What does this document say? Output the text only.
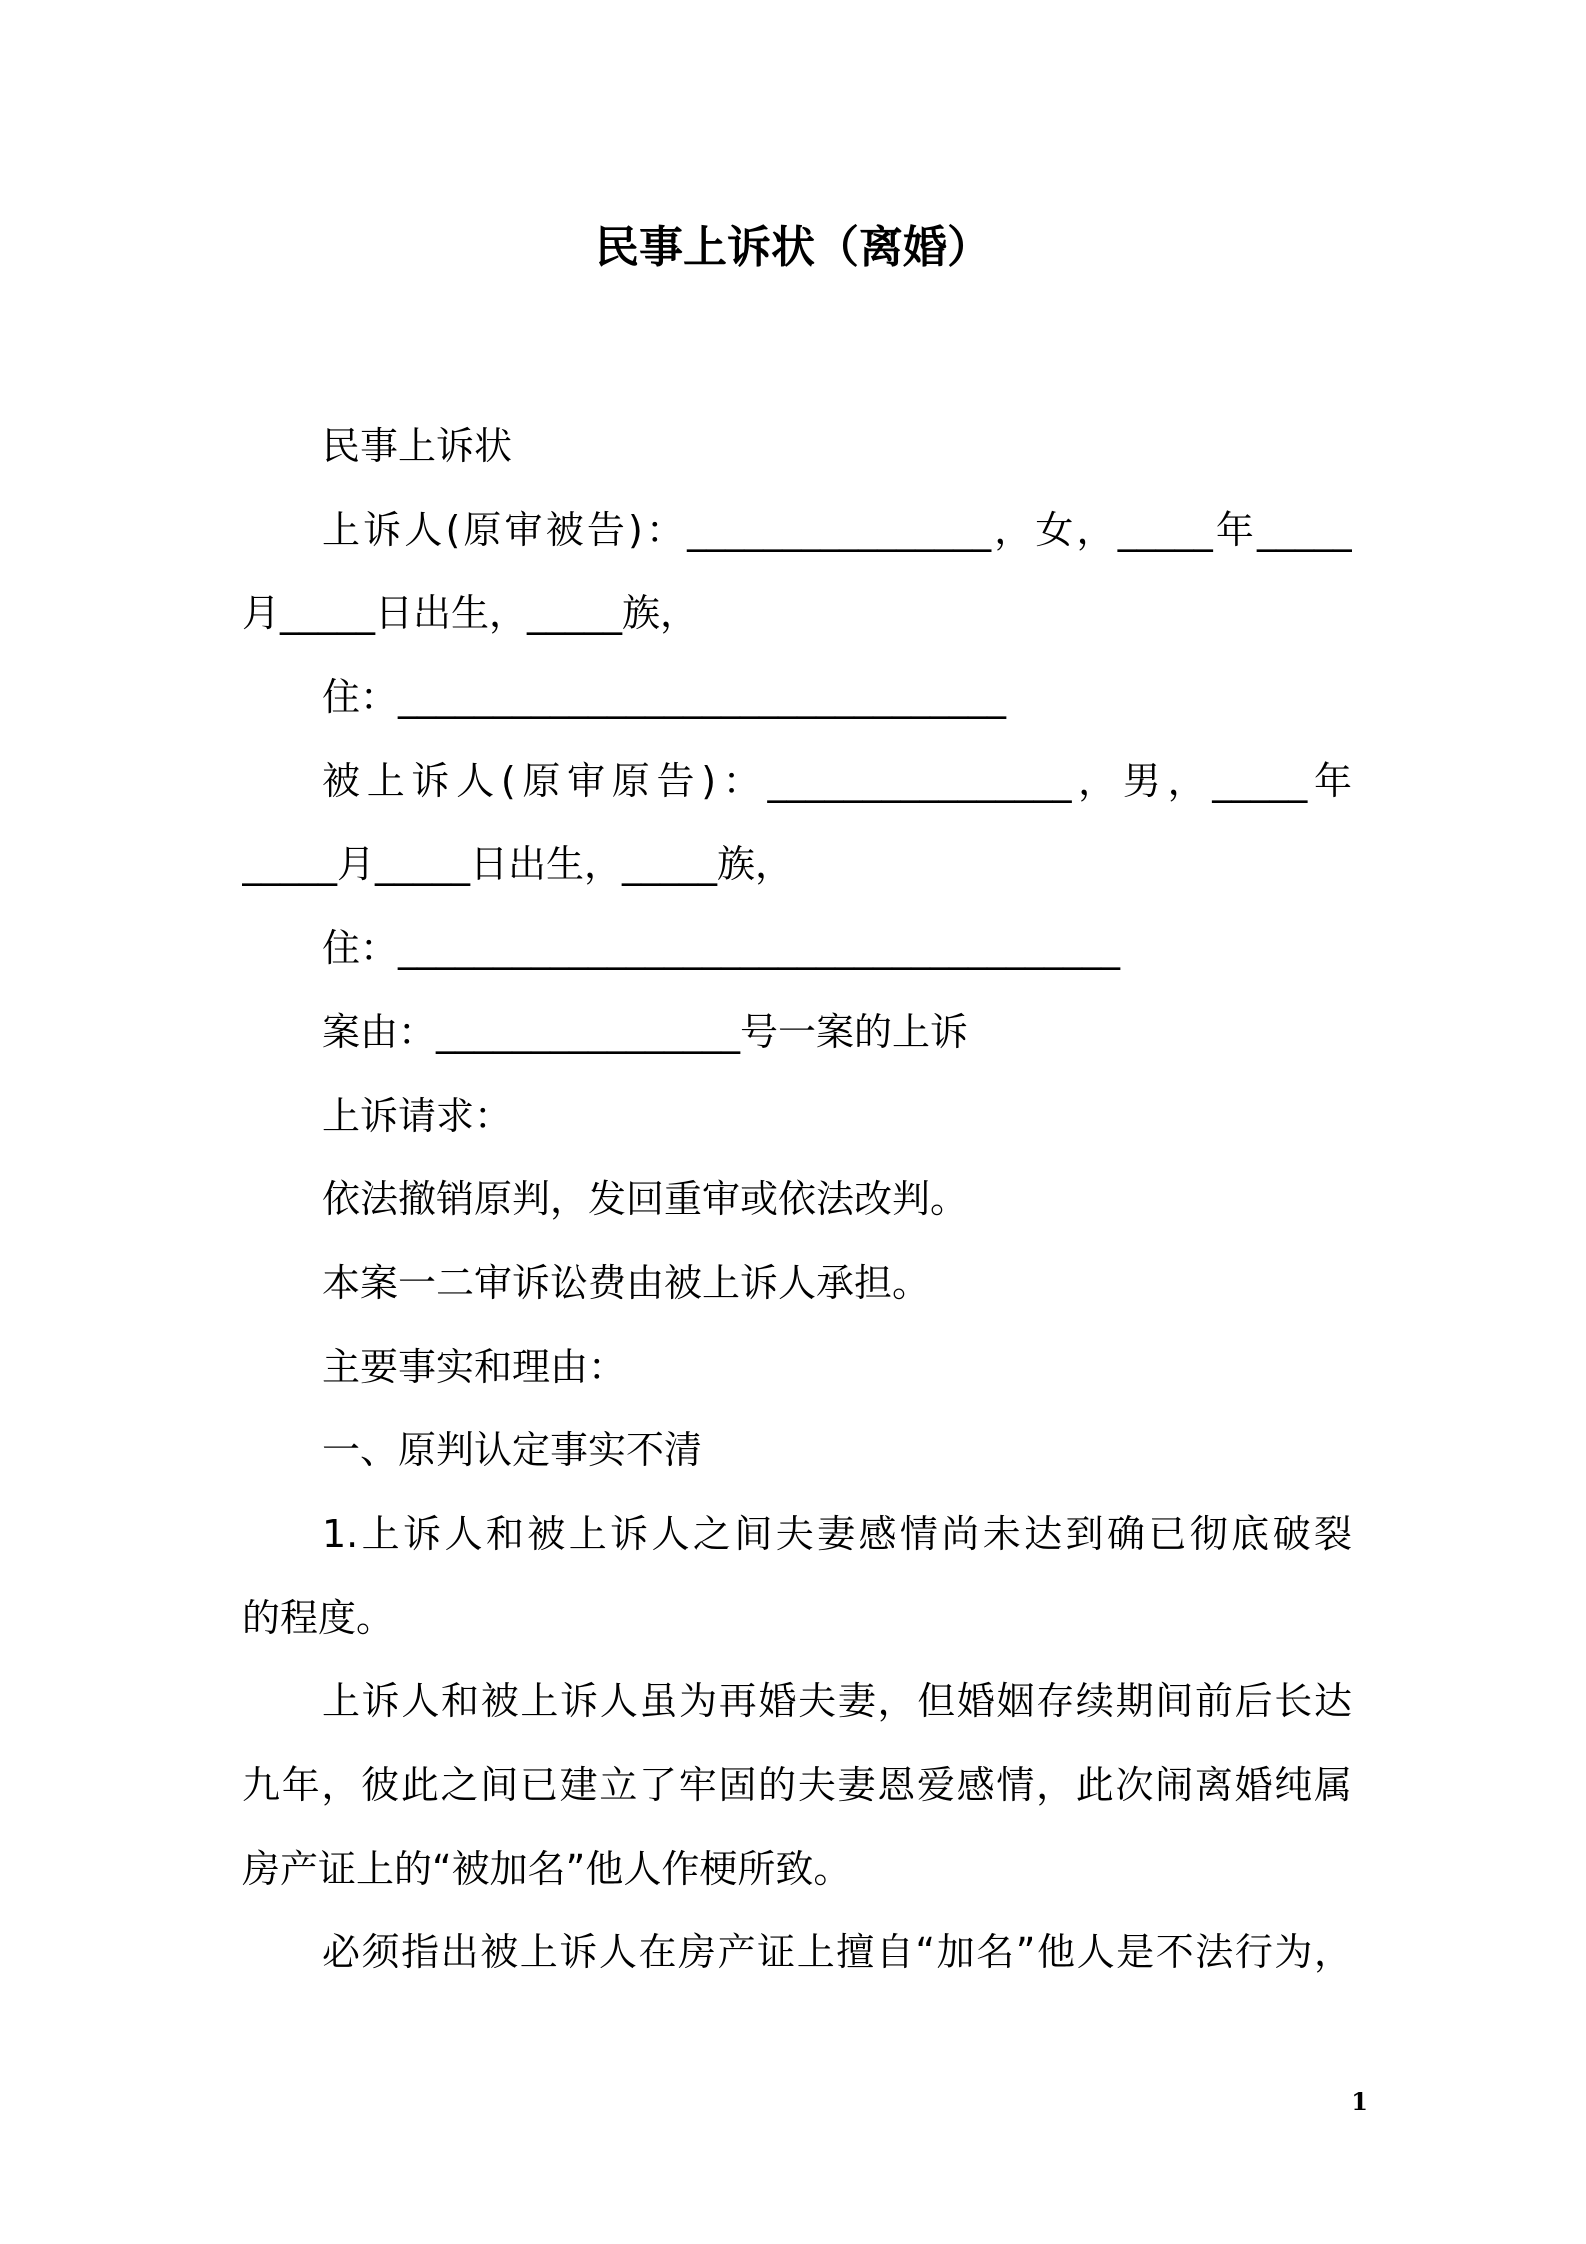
民事上诉状（离婚）
民事上诉状
上诉人(原审被告)：________________，女，_____年_____
月_____日出生，_____族，
住：________________________________
被上诉人(原审原告)：________________，男，_____年
_____月_____日出生，_____族，
住：______________________________________
案由：________________号一案的上诉
上诉请求：
依法撤销原判，发回重审或依法改判。
本案一二审诉讼费由被上诉人承担。
主要事实和理由：
一、原判认定事实不清
1.上诉人和被上诉人之间夫妻感情尚未达到确已彻底破裂
的程度。
上诉人和被上诉人虽为再婚夫妻，但婚姻存续期间前后长达
九年，彼此之间已建立了牢固的夫妻恩爱感情，此次闹离婚纯属
房产证上的“被加名”他人作梗所致。
必须指出被上诉人在房产证上擅自“加名”他人是不法行为，
1
